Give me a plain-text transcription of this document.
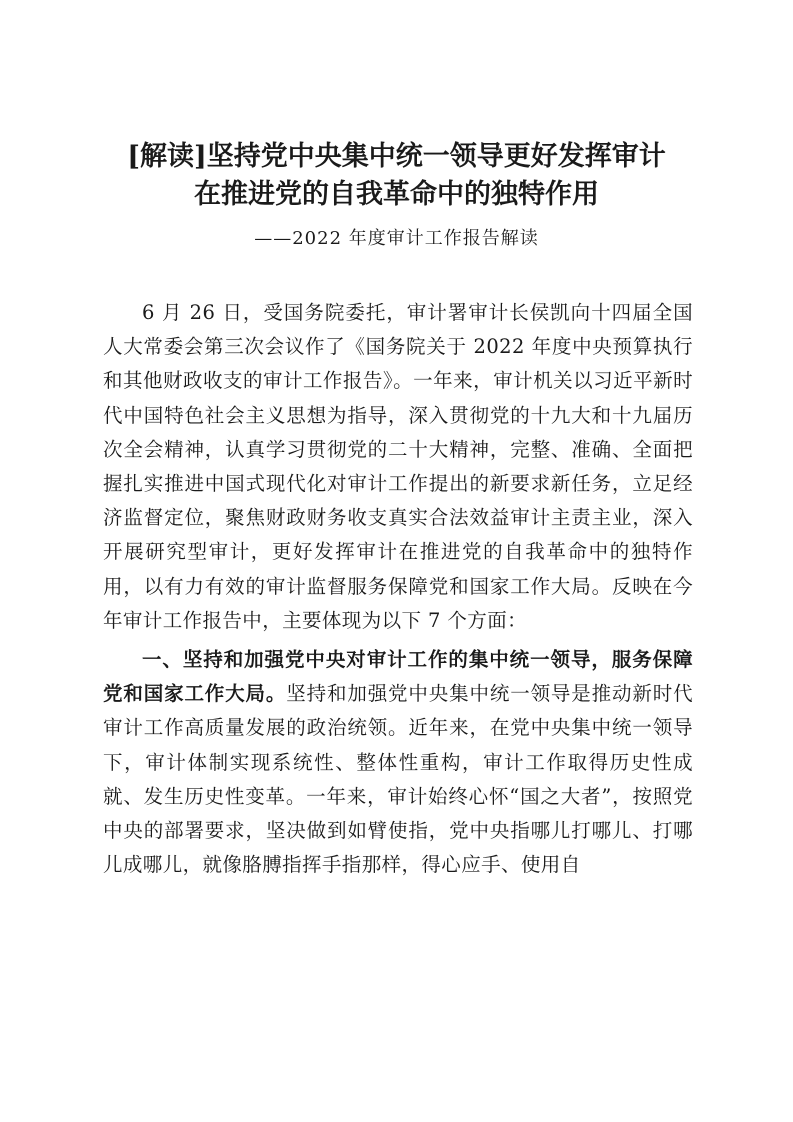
[解读]坚持党中央集中统一领导更好发挥审计
在推进党的自我革命中的独特作用

——2022 年度审计工作报告解读

6 月 26 日，受国务院委托，审计署审计长侯凯向十四届全国人大常委会第三次会议作了《国务院关于 2022 年度中央预算执行和其他财政收支的审计工作报告》。一年来，审计机关以习近平新时代中国特色社会主义思想为指导，深入贯彻党的十九大和十九届历次全会精神，认真学习贯彻党的二十大精神，完整、准确、全面把握扎实推进中国式现代化对审计工作提出的新要求新任务，立足经济监督定位，聚焦财政财务收支真实合法效益审计主责主业，深入开展研究型审计，更好发挥审计在推进党的自我革命中的独特作用，以有力有效的审计监督服务保障党和国家工作大局。反映在今年审计工作报告中，主要体现为以下 7 个方面：

一、坚持和加强党中央对审计工作的集中统一领导，服务保障党和国家工作大局。坚持和加强党中央集中统一领导是推动新时代审计工作高质量发展的政治统领。近年来，在党中央集中统一领导下，审计体制实现系统性、整体性重构，审计工作取得历史性成就、发生历史性变革。一年来，审计始终心怀“国之大者”，按照党中央的部署要求，坚决做到如臂使指，党中央指哪儿打哪儿、打哪儿成哪儿，就像胳膊指挥手指那样，得心应手、使用自
